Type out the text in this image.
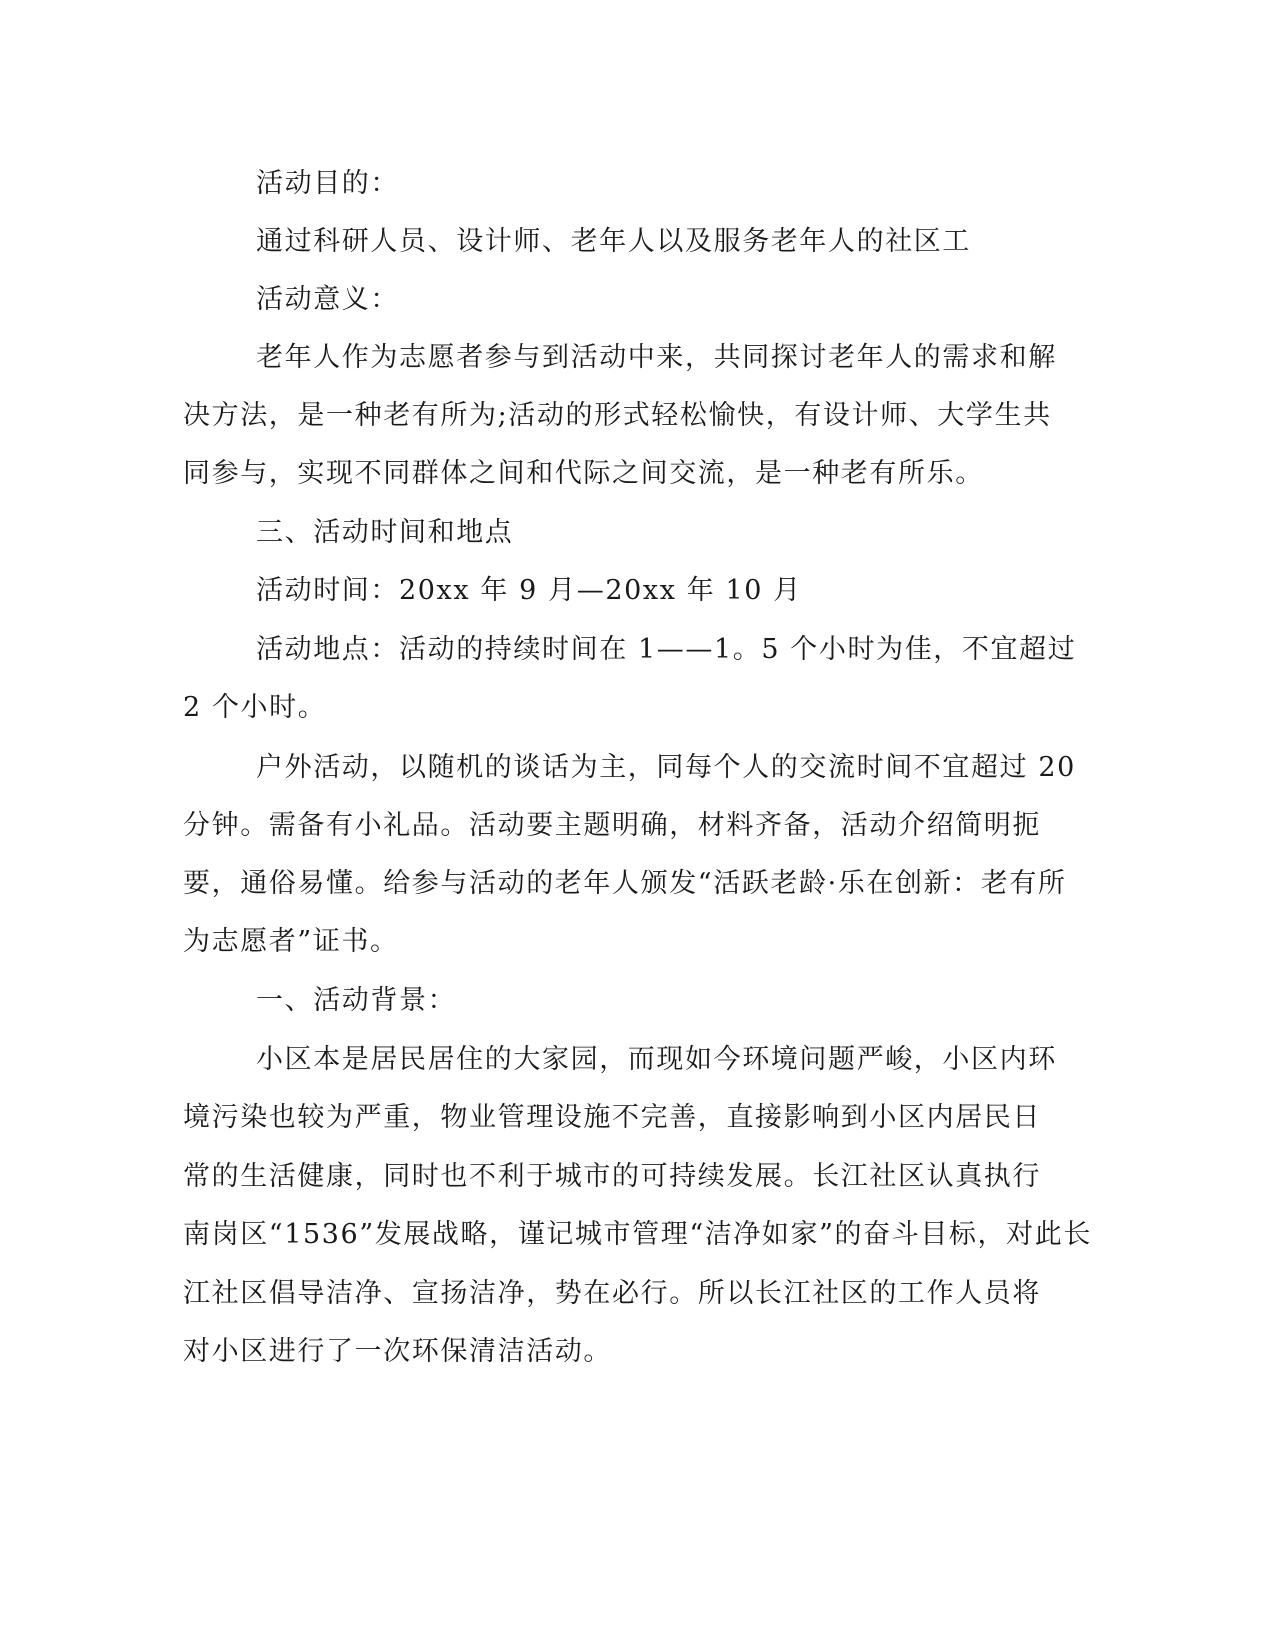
活动目的：
通过科研人员、设计师、老年人以及服务老年人的社区工
活动意义：
老年人作为志愿者参与到活动中来，共同探讨老年人的需求和解
决方法，是一种老有所为;活动的形式轻松愉快，有设计师、大学生共
同参与，实现不同群体之间和代际之间交流，是一种老有所乐。
三、活动时间和地点
活动时间：20xx 年 9 月—20xx 年 10 月
活动地点：活动的持续时间在 1——1。5 个小时为佳，不宜超过
2 个小时。
户外活动，以随机的谈话为主，同每个人的交流时间不宜超过 20
分钟。需备有小礼品。活动要主题明确，材料齐备，活动介绍简明扼
要，通俗易懂。给参与活动的老年人颁发“活跃老龄·乐在创新：老有所
为志愿者”证书。
一、活动背景：
小区本是居民居住的大家园，而现如今环境问题严峻，小区内环
境污染也较为严重，物业管理设施不完善，直接影响到小区内居民日
常的生活健康，同时也不利于城市的可持续发展。长江社区认真执行
南岗区“1536”发展战略，谨记城市管理“洁净如家”的奋斗目标，对此长
江社区倡导洁净、宣扬洁净，势在必行。所以长江社区的工作人员将
对小区进行了一次环保清洁活动。
